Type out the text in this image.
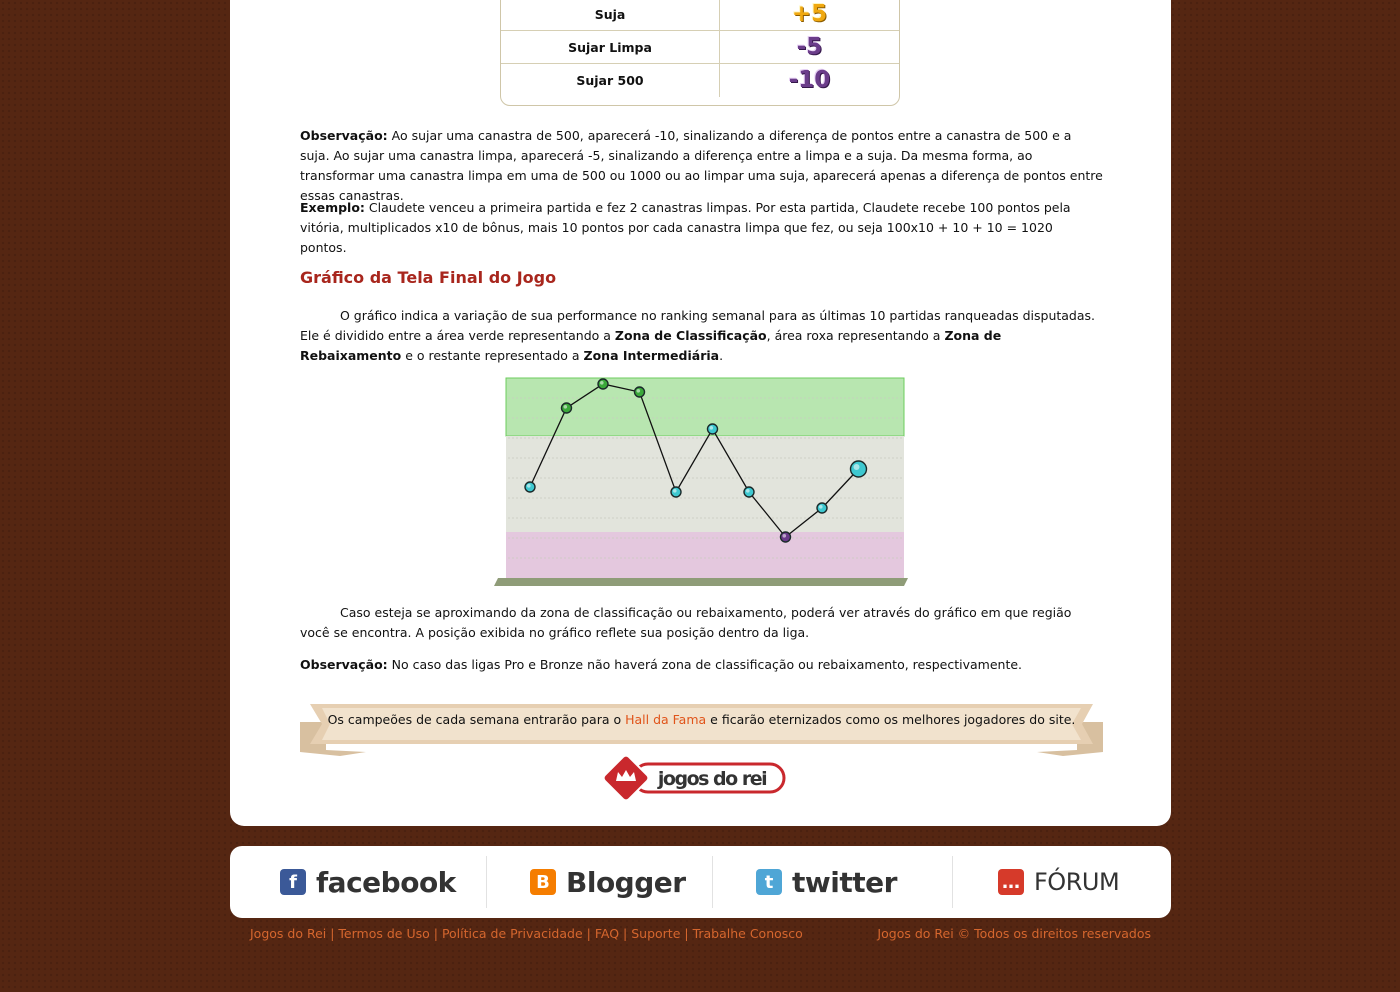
Suja	+5
Sujar Limpa	-5
Sujar 500	-10

Observação: Ao sujar uma canastra de 500, aparecerá -10, sinalizando a diferença de pontos entre a canastra de 500 e a suja. Ao sujar uma canastra limpa, aparecerá -5, sinalizando a diferença entre a limpa e a suja. Da mesma forma, ao transformar uma canastra limpa em uma de 500 ou 1000 ou ao limpar uma suja, aparecerá apenas a diferença de pontos entre essas canastras.

Exemplo: Claudete venceu a primeira partida e fez 2 canastras limpas. Por esta partida, Claudete recebe 100 pontos pela vitória, multiplicados x10 de bônus, mais 10 pontos por cada canastra limpa que fez, ou seja 100x10 + 10 + 10 = 1020 pontos.

Gráfico da Tela Final do Jogo

O gráfico indica a variação de sua performance no ranking semanal para as últimas 10 partidas ranqueadas disputadas. Ele é dividido entre a área verde representando a Zona de Classificação, área roxa representando a Zona de Rebaixamento e o restante representado a Zona Intermediária.

Caso esteja se aproximando da zona de classificação ou rebaixamento, poderá ver através do gráfico em que região você se encontra. A posição exibida no gráfico reflete sua posição dentro da liga.

Observação: No caso das ligas Pro e Bronze não haverá zona de classificação ou rebaixamento, respectivamente.

Os campeões de cada semana entrarão para o Hall da Fama e ficarão eternizados como os melhores jogadores do site.
jogos do rei
f facebook	B Blogger	t twitter	… FÓRUM
Jogos do Rei | Termos de Uso | Política de Privacidade | FAQ | Suporte | Trabalhe Conosco	Jogos do Rei © Todos os direitos reservados
